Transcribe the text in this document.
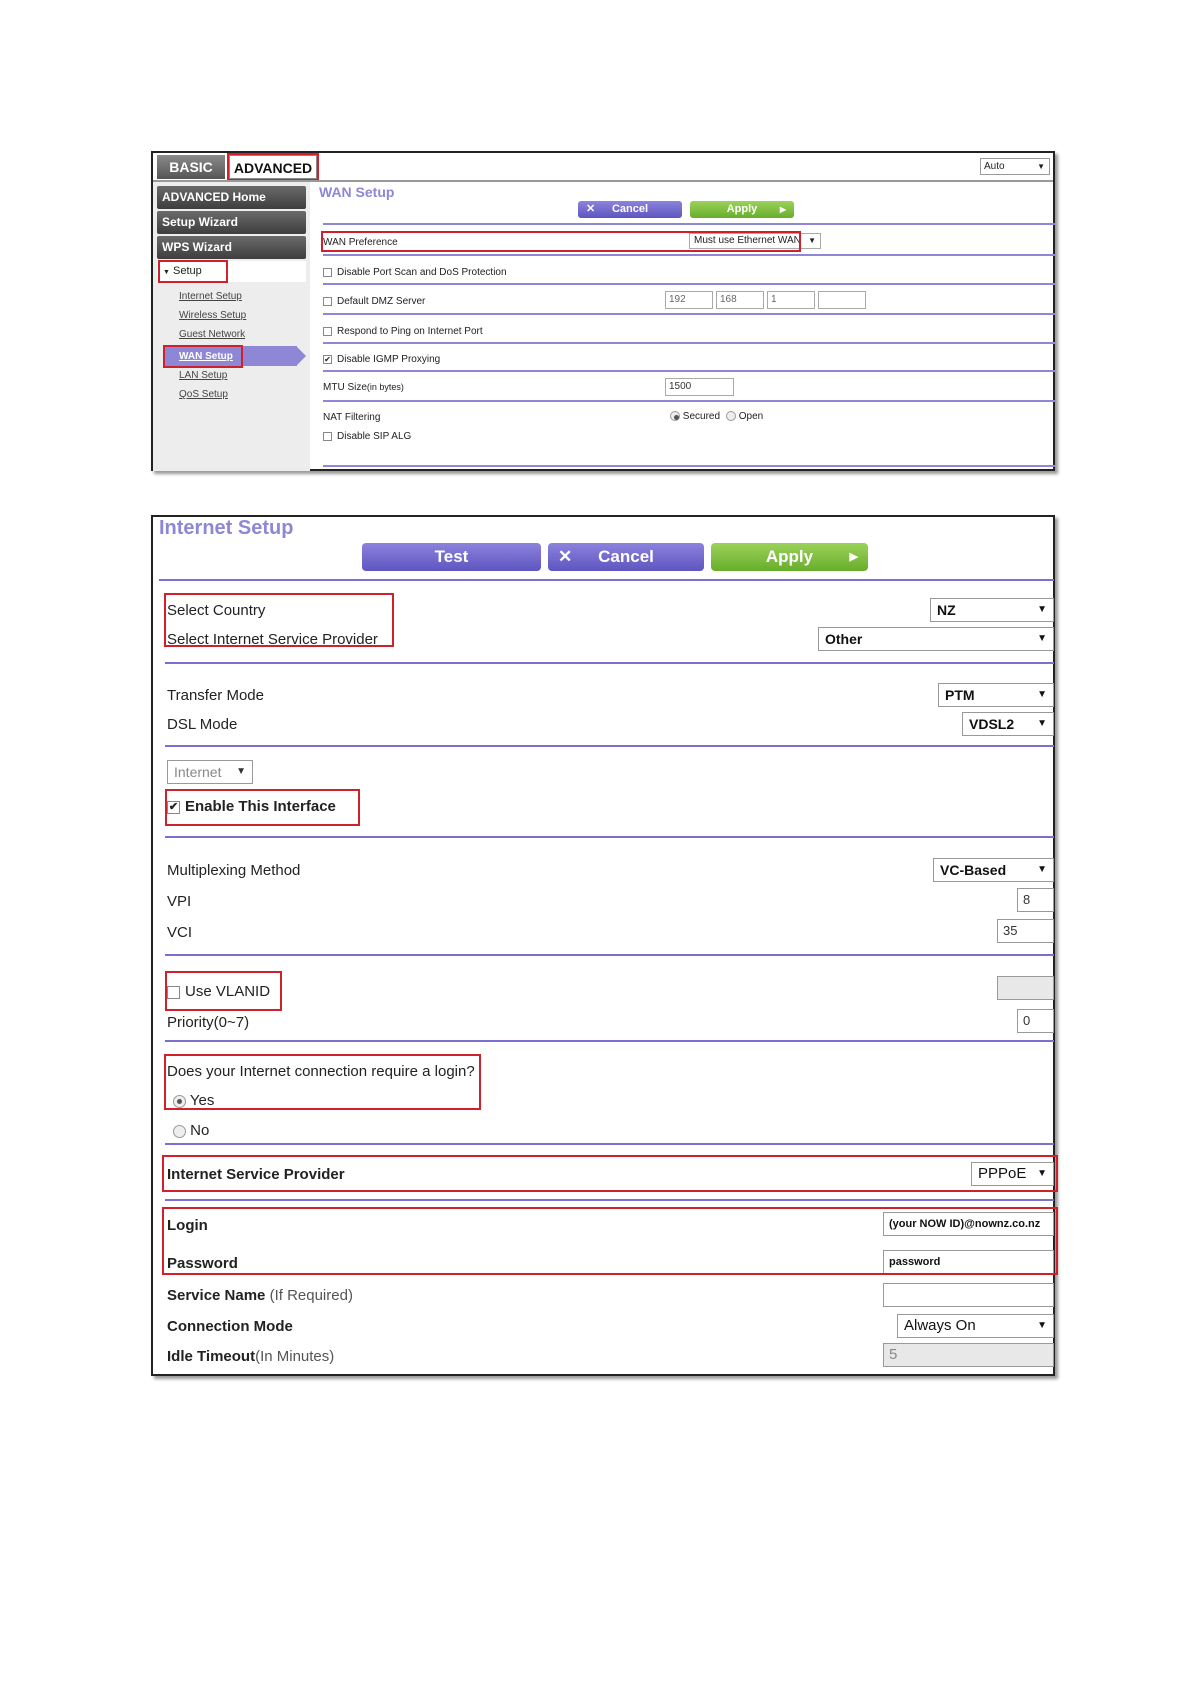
BASIC	ADVANCED	Auto	▼
ADVANCED Home
Setup Wizard
WPS Wizard
▼ Setup
Internet Setup
Wireless Setup
Guest Network
WAN Setup
LAN Setup
QoS Setup
WAN Setup
✕ Cancel	Apply	▶
WAN Preference	Must use Ethernet WAN ▼
Disable Port Scan and DoS Protection
Default DMZ Server	192	168	1
Respond to Ping on Internet Port
✔ Disable IGMP Proxying
MTU Size(in bytes)	1500
NAT Filtering	Secured	Open
Disable SIP ALG
Internet Setup
Test	✕ Cancel	Apply	▶
Select Country	NZ	▼
Select Internet Service Provider	Other	▼
Transfer Mode	PTM	▼
DSL Mode	VDSL2 ▼
Internet ▼
✔ Enable This Interface
Multiplexing Method	VC-Based	▼
VPI	8
VCI	35
Use VLANID
Priority(0~7)	0
Does your Internet connection require a login?
Yes
No
Internet Service Provider	PPPoE ▼
Login	(your NOW ID)@nownz.co.nz
Password	password
Service Name (If Required)
Connection Mode	Always On	▼
Idle Timeout(In Minutes)	5
